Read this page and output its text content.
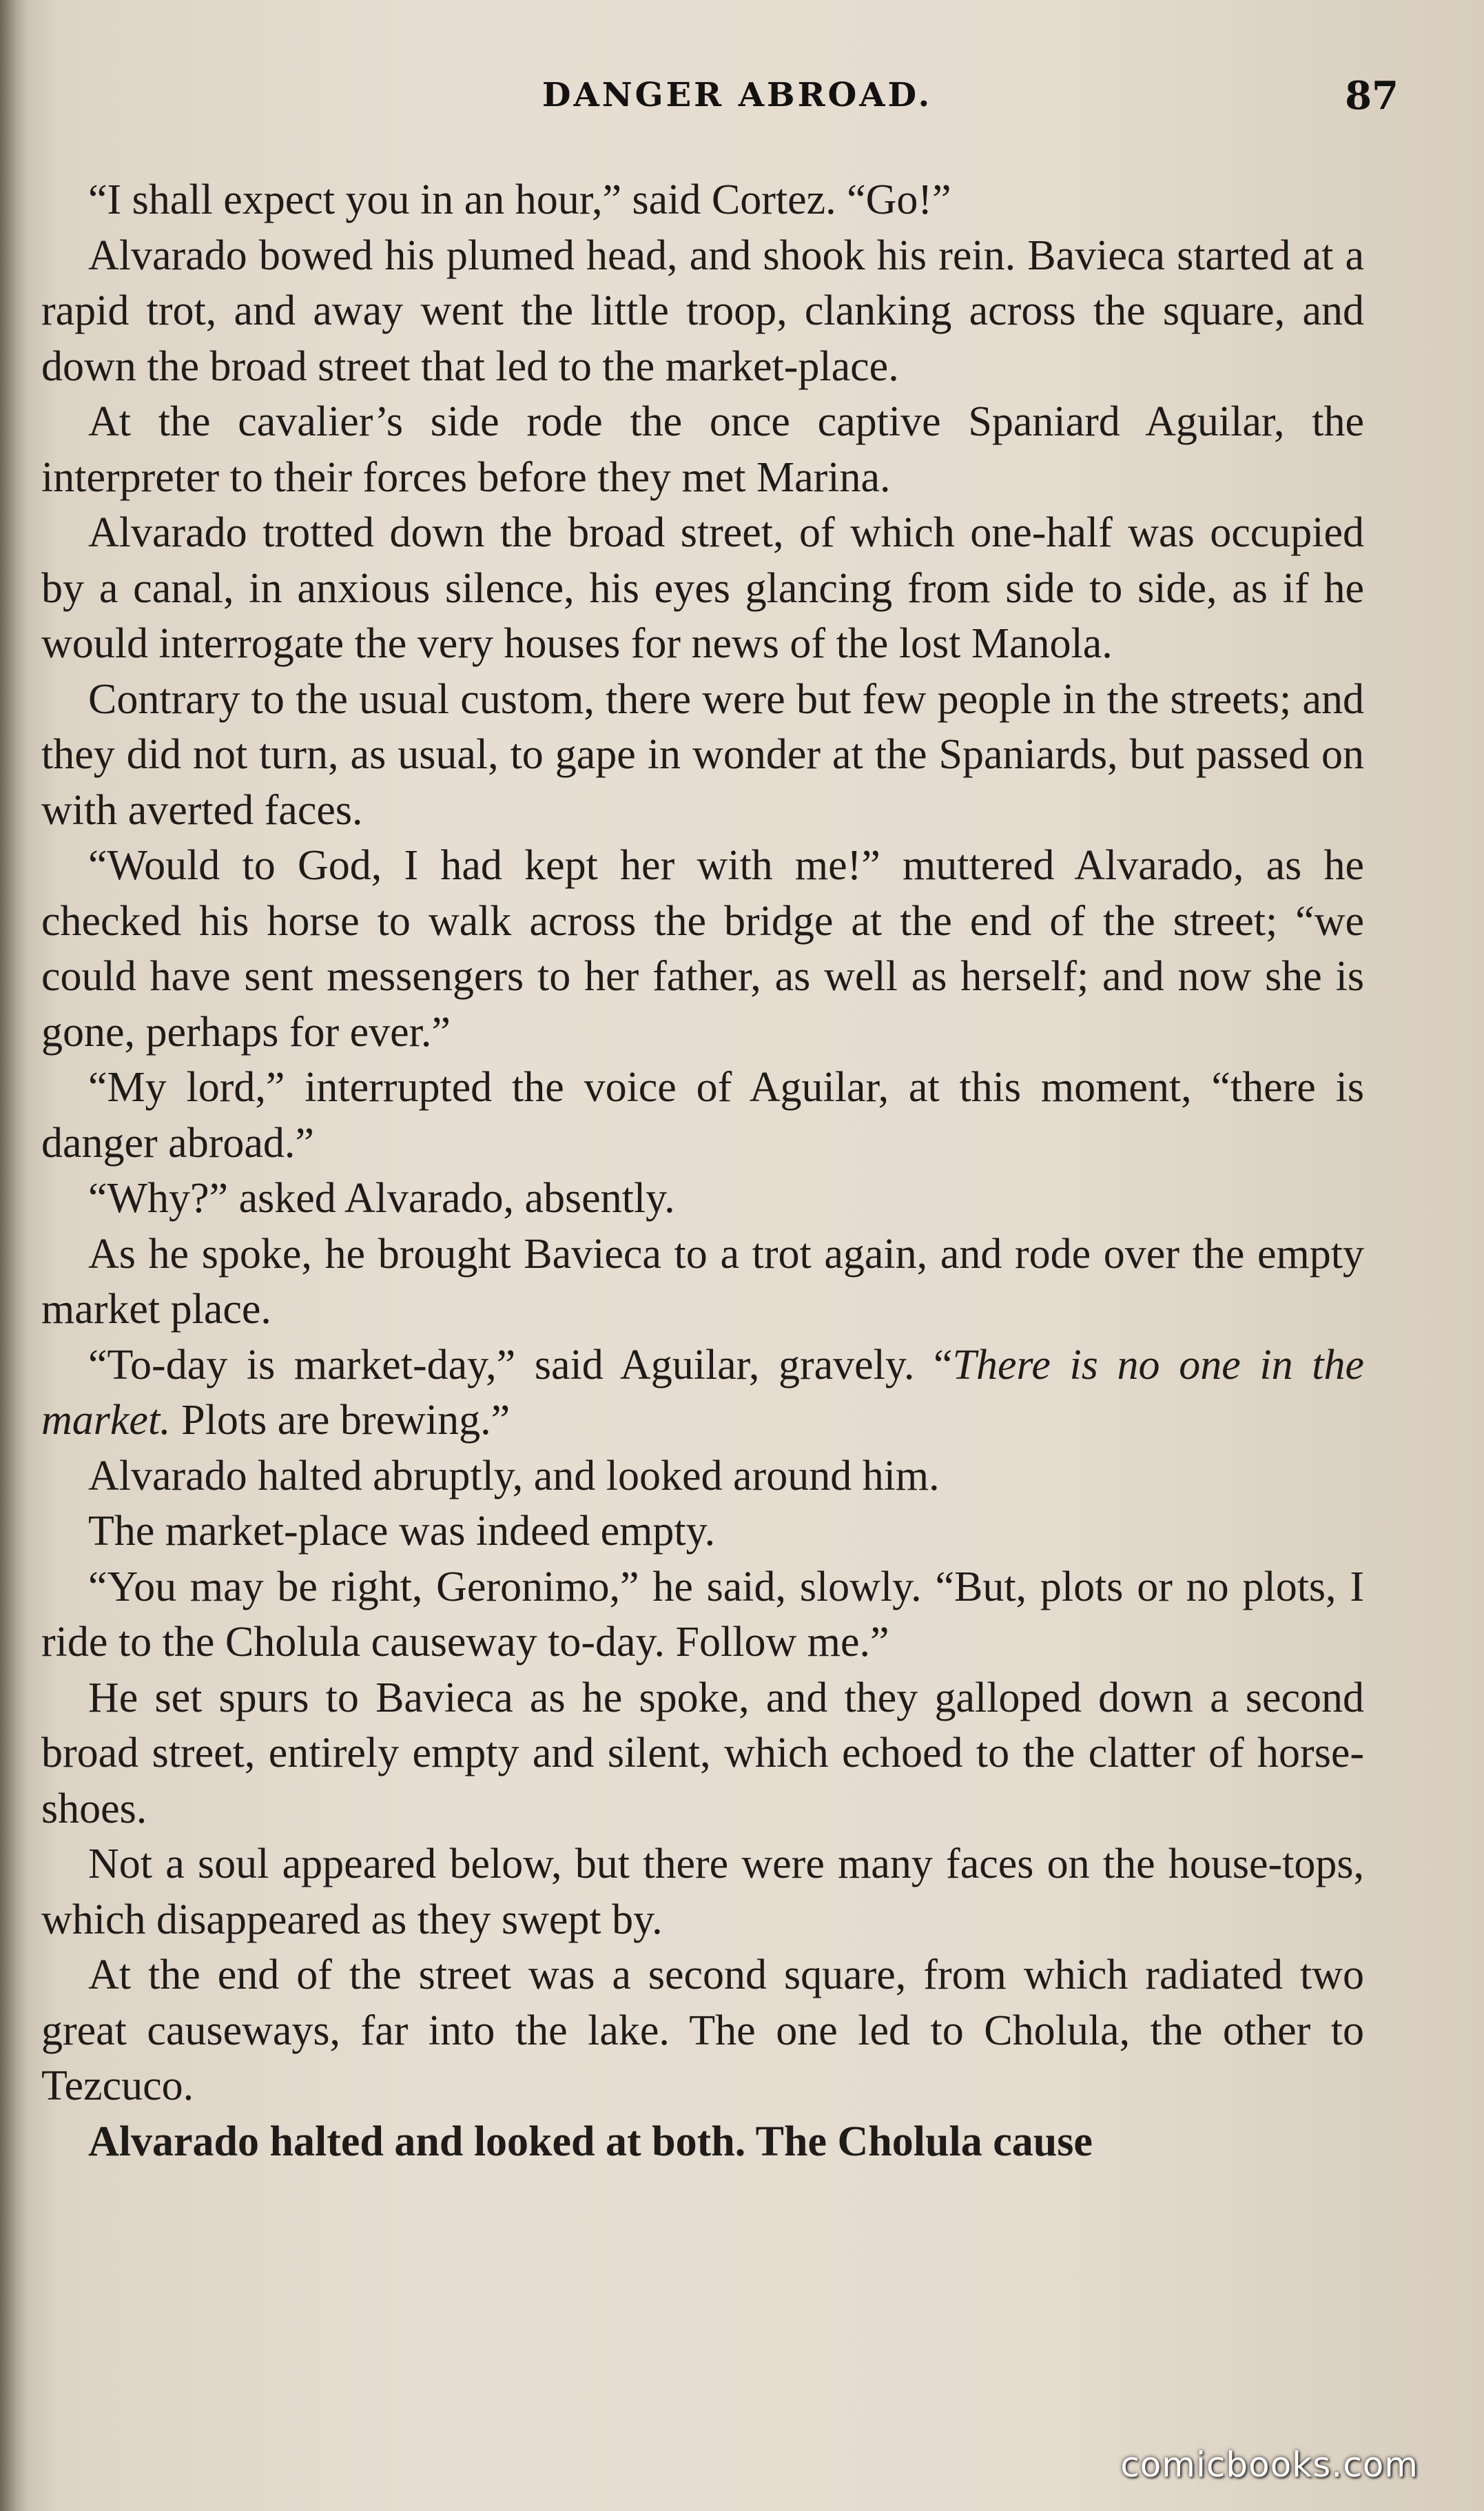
DANGER ABROAD.	87

“I shall expect you in an hour,” said Cortez. “Go!”

Alvarado bowed his plumed head, and shook his rein. Bavieca started at a rapid trot, and away went the little troop, clanking across the square, and down the broad street that led to the market-place.

At the cavalier’s side rode the once captive Spaniard Aguilar, the interpreter to their forces before they met Marina.

Alvarado trotted down the broad street, of which one-half was occupied by a canal, in anxious silence, his eyes glancing from side to side, as if he would interrogate the very houses for news of the lost Manola.

Contrary to the usual custom, there were but few people in the streets; and they did not turn, as usual, to gape in wonder at the Spaniards, but passed on with averted faces.

“Would to God, I had kept her with me!” muttered Alvarado, as he checked his horse to walk across the bridge at the end of the street; “we could have sent messengers to her father, as well as herself; and now she is gone, perhaps for ever.”

“My lord,” interrupted the voice of Aguilar, at this moment, “there is danger abroad.”

“Why?” asked Alvarado, absently.

As he spoke, he brought Bavieca to a trot again, and rode over the empty market place.

“To-day is market-day,” said Aguilar, gravely. “There is no one in the market. Plots are brewing.”

Alvarado halted abruptly, and looked around him.

The market-place was indeed empty.

“You may be right, Geronimo,” he said, slowly. “But, plots or no plots, I ride to the Cholula causeway to-day. Follow me.”

He set spurs to Bavieca as he spoke, and they galloped down a second broad street, entirely empty and silent, which echoed to the clatter of horse-shoes.

Not a soul appeared below, but there were many faces on the house-tops, which disappeared as they swept by.

At the end of the street was a second square, from which radiated two great causeways, far into the lake. The one led to Cholula, the other to Tezcuco.

Alvarado halted and looked at both. The Cholula cause

comicbooks.com
